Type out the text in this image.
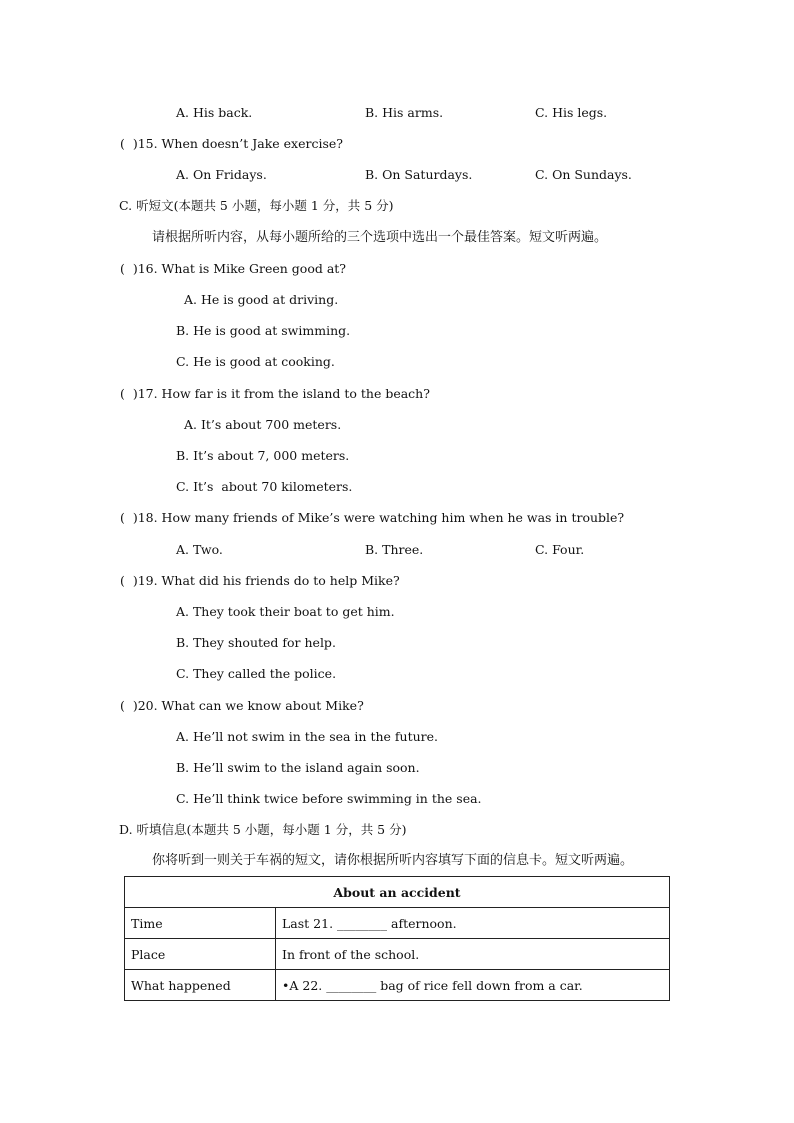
A. His back.	B. His arms.	C. His legs.
(  )15. When doesn’t Jake exercise?
A. On Fridays.	B. On Saturdays.	C. On Sundays.
C. 听短文(本题共 5 小题，每小题 1 分，共 5 分)
请根据所听内容，从每小题所给的三个选项中选出一个最佳答案。短文听两遍。
(  )16. What is Mike Green good at?
A. He is good at driving.
B. He is good at swimming.
C. He is good at cooking.
(  )17. How far is it from the island to the beach?
A. It’s about 700 meters.
B. It’s about 7, 000 meters.
C. It’s  about 70 kilometers.
(  )18. How many friends of Mike’s were watching him when he was in trouble?
A. Two.	B. Three.	C. Four.
(  )19. What did his friends do to help Mike?
A. They took their boat to get him.
B. They shouted for help.
C. They called the police.
(  )20. What can we know about Mike?
A. He’ll not swim in the sea in the future.
B. He’ll swim to the island again soon.
C. He’ll think twice before swimming in the sea.
D. 听填信息(本题共 5 小题，每小题 1 分，共 5 分)
你将听到一则关于车祸的短文，请你根据所听内容填写下面的信息卡。短文听两遍。
About an accident	
Time	Last 21. ________ afternoon.
Place	In front of the school.
What happened	•A 22. ________ bag of rice fell down from a car.
